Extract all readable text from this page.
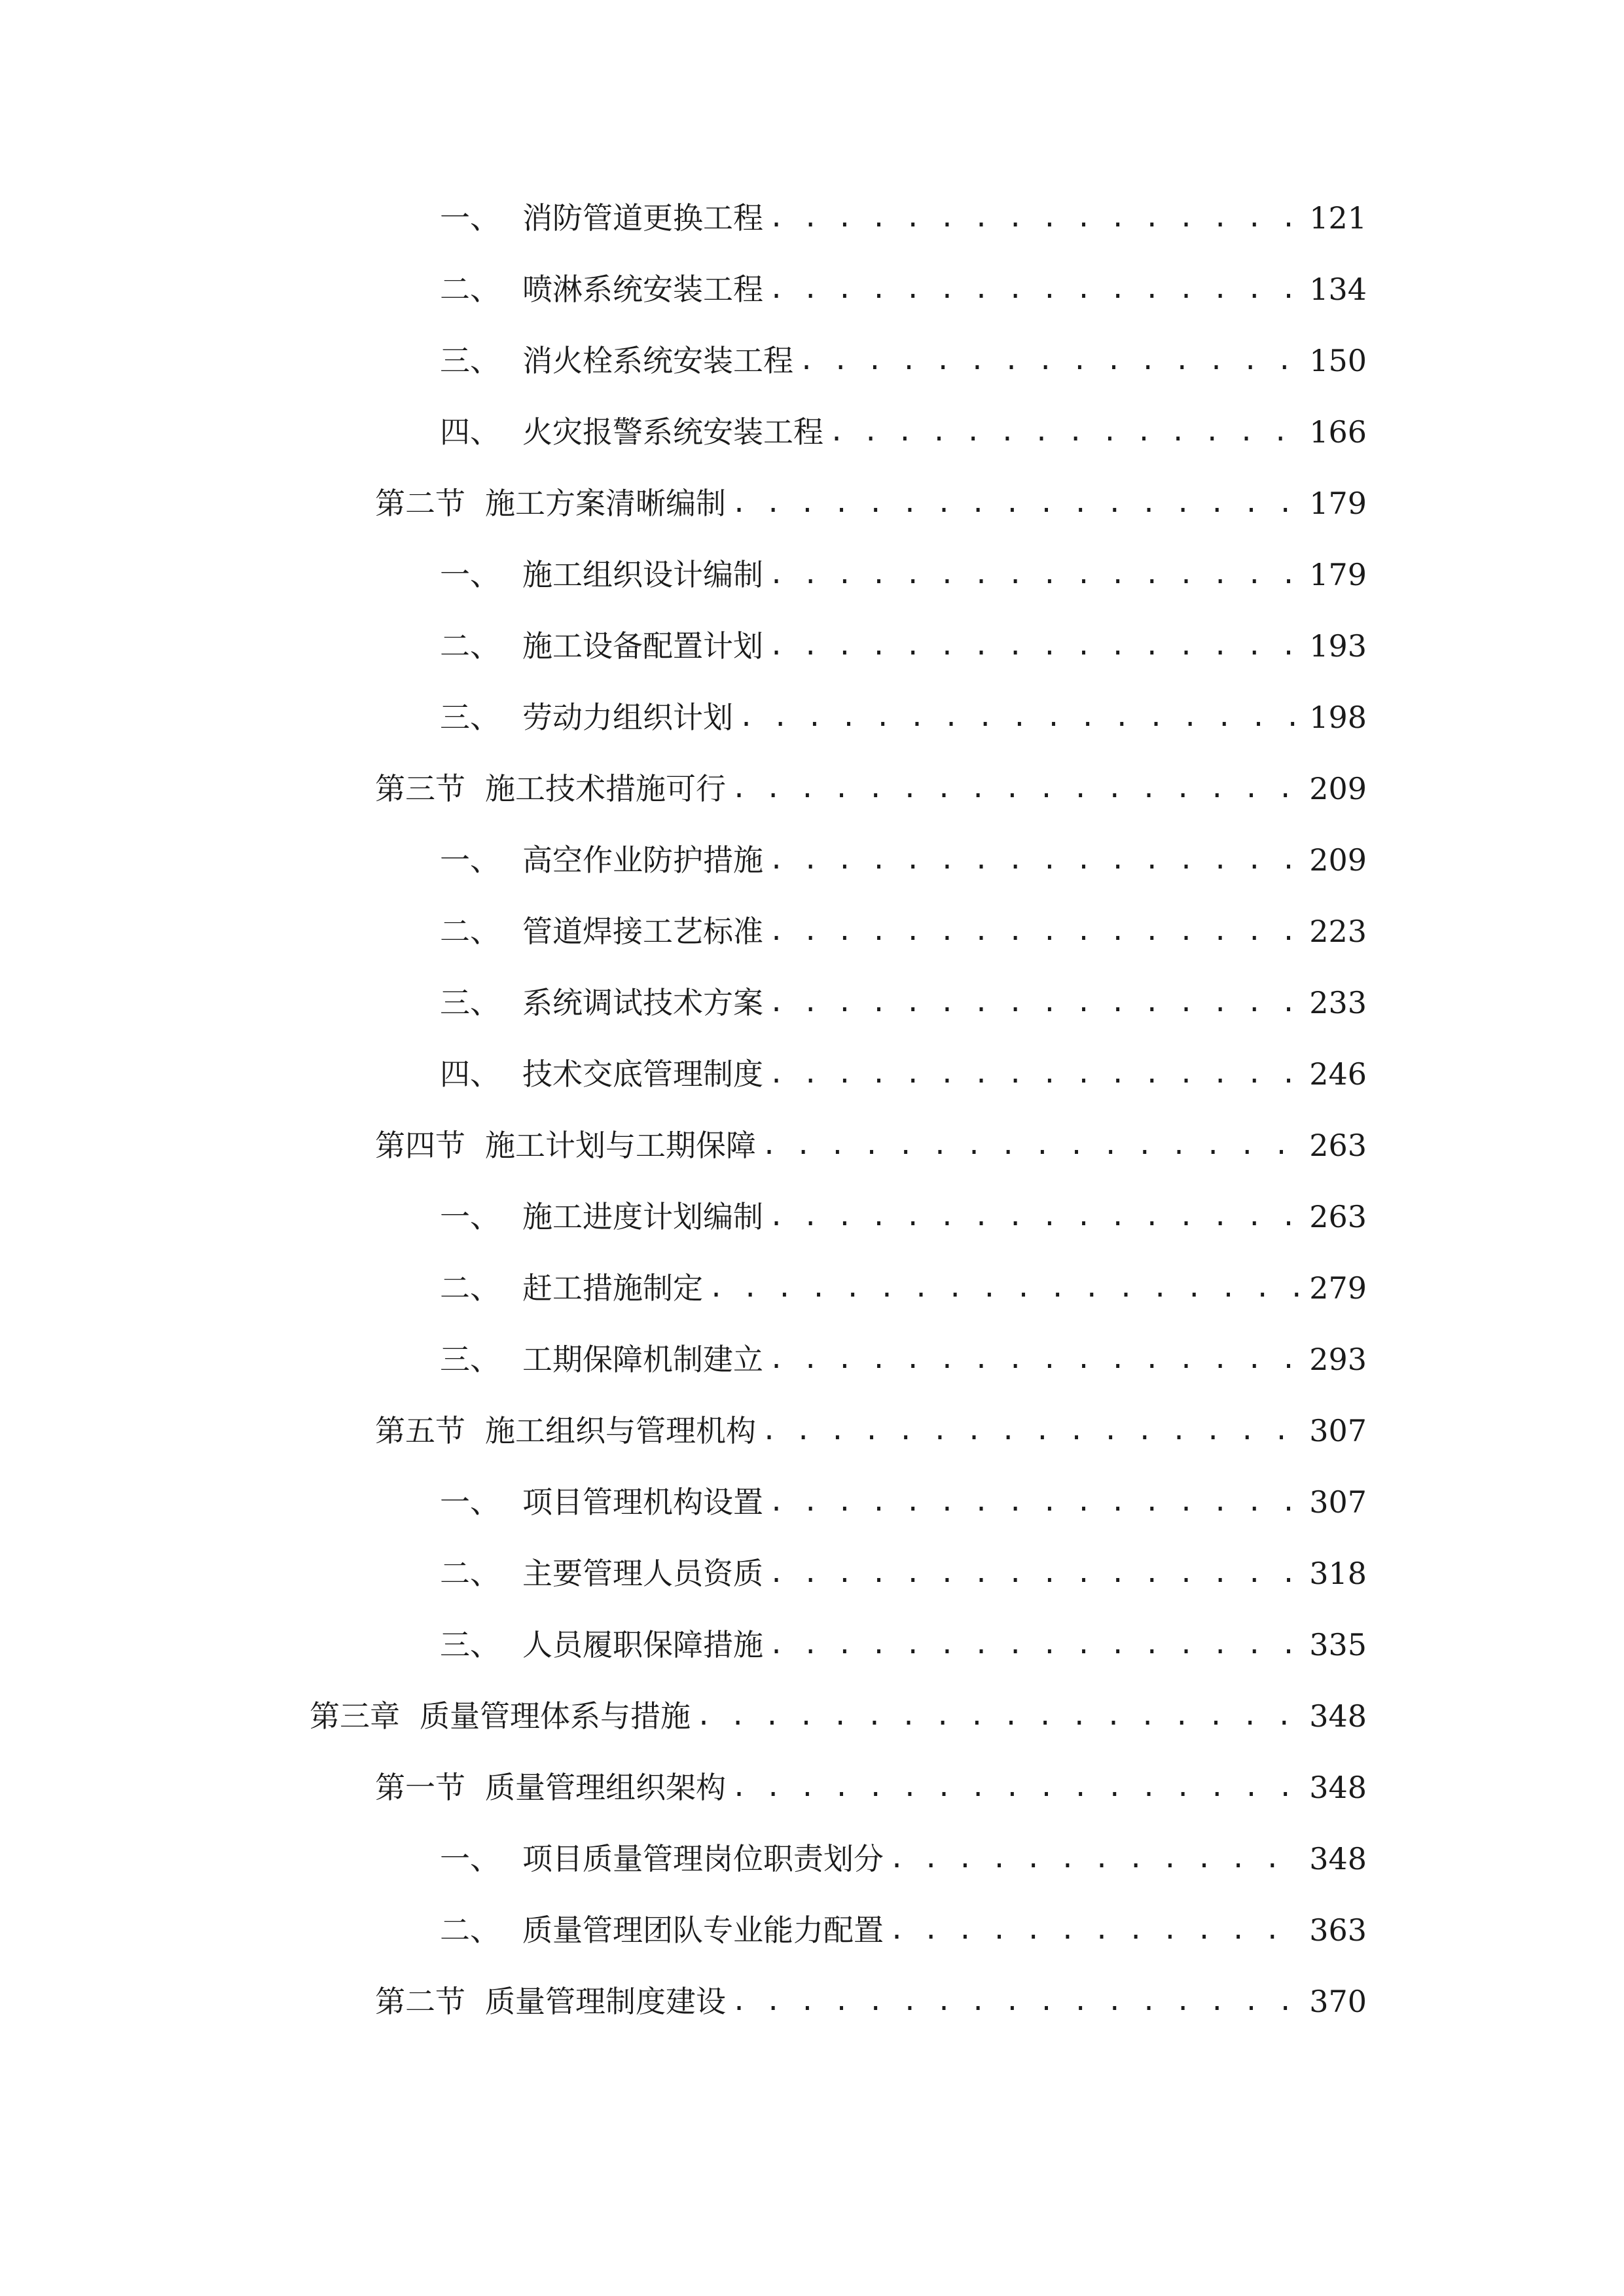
一、 消防管道更换工程 . . .	121
二、 喷淋系统安装工程 . . .	134
三、 消火栓系统安装工程 . . .	150
四、 火灾报警系统安装工程 . . .	166
第二节 施工方案清晰编制 . . .	179
一、 施工组织设计编制 . . .	179
二、 施工设备配置计划 . . .	193
三、 劳动力组织计划 . . .	198
第三节 施工技术措施可行 . . .	209
一、 高空作业防护措施 . . .	209
二、 管道焊接工艺标准 . . .	223
三、 系统调试技术方案 . . .	233
四、 技术交底管理制度 . . .	246
第四节 施工计划与工期保障 . . .	263
一、 施工进度计划编制 . . .	263
二、 赶工措施制定 . . .	279
三、 工期保障机制建立 . . .	293
第五节 施工组织与管理机构 . . .	307
一、 项目管理机构设置 . . .	307
二、 主要管理人员资质 . . .	318
三、 人员履职保障措施 . . .	335
第三章 质量管理体系与措施 . . .	348
第一节 质量管理组织架构 . . .	348
一、 项目质量管理岗位职责划分 . . .	348
二、 质量管理团队专业能力配置 . . .	363
第二节 质量管理制度建设 . . .	370
